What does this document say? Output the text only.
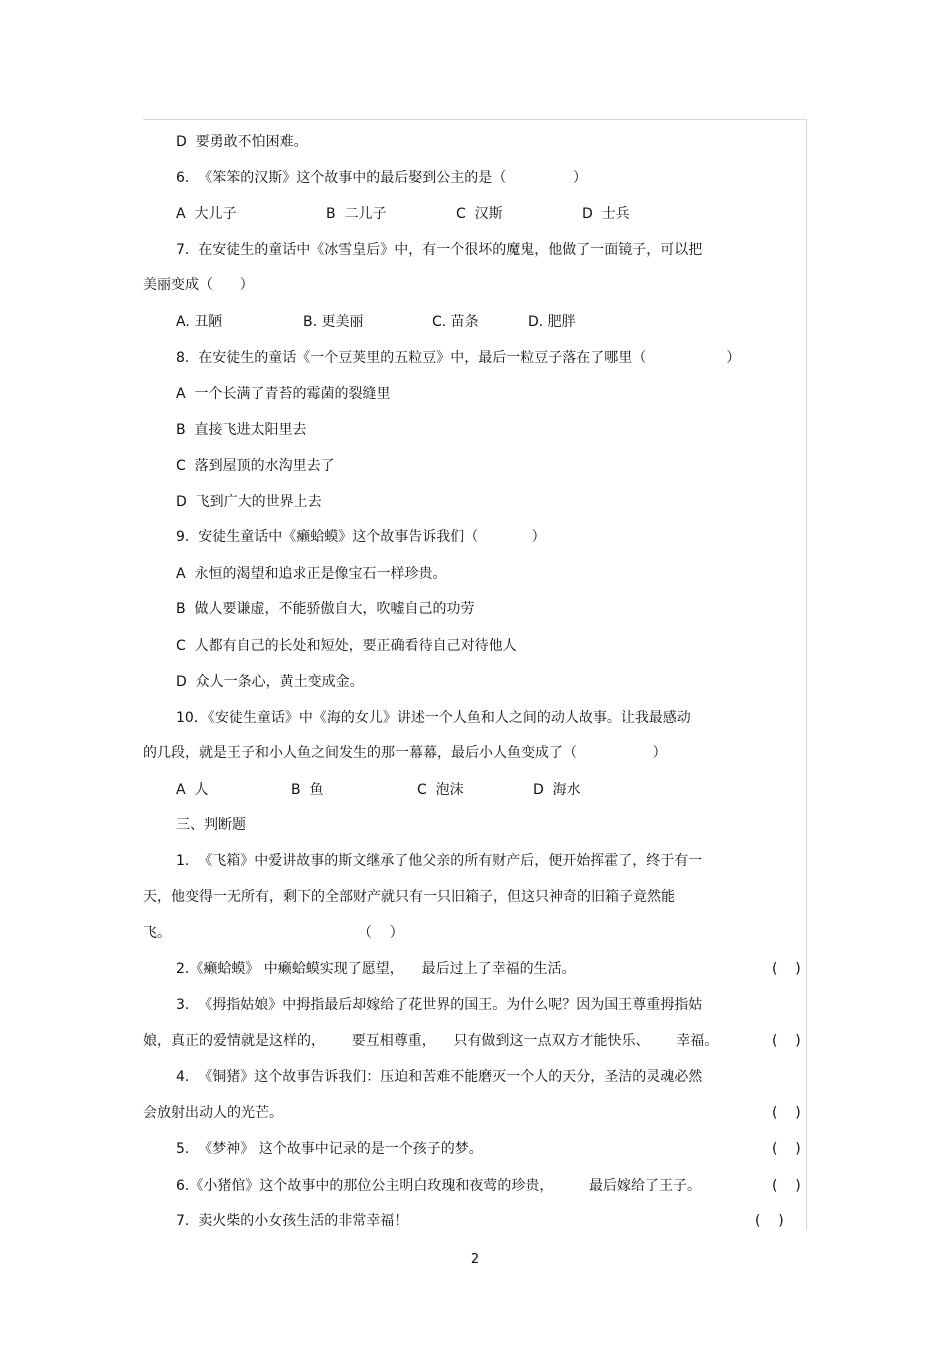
D  要勇敢不怕困难。
6.  《笨笨的汉斯》这个故事中的最后娶到公主的是（               ）
A  大儿子	B  二儿子	C  汉斯	D  士兵
7.  在安徒生的童话中《冰雪皇后》中，有一个很坏的魔鬼，他做了一面镜子，可以把
美丽变成（      ）
A. 丑陋	B. 更美丽	C. 苗条	D. 肥胖
8.  在安徒生的童话《一个豆荚里的五粒豆》中，最后一粒豆子落在了哪里（                  ）
A  一个长满了青苔的霉菌的裂缝里
B  直接飞进太阳里去
C  落到屋顶的水沟里去了
D  飞到广大的世界上去
9.  安徒生童话中《癞蛤蟆》这个故事告诉我们（            ）
A  永恒的渴望和追求正是像宝石一样珍贵。
B  做人要谦虚，不能骄傲自大，吹嘘自己的功劳
C  人都有自己的长处和短处，要正确看待自己对待他人
D  众人一条心，黄土变成金。
10．《安徒生童话》中《海的女儿》讲述一个人鱼和人之间的动人故事。让我最感动
的几段，就是王子和小人鱼之间发生的那一幕幕，最后小人鱼变成了（                 ）
A  人	B  鱼	C  泡沫	D  海水
三、判断题
1.  《飞箱》中爱讲故事的斯文继承了他父亲的所有财产后，便开始挥霍了，终于有一
天，他变得一无所有，剩下的全部财产就只有一只旧箱子，但这只神奇的旧箱子竟然能
飞。                                          （    ）
2.《癞蛤蟆》 中癞蛤蟆实现了愿望，    最后过上了幸福的生活。	(    )
3.  《拇指姑娘》中拇指最后却嫁给了花世界的国王。为什么呢？因为国王尊重拇指姑
娘，真正的爱情就是这样的，      要互相尊重，    只有做到这一点双方才能快乐、      幸福。	(    )
4.  《铜猪》这个故事告诉我们：压迫和苦难不能磨灭一个人的天分，圣洁的灵魂必然
会放射出动人的光芒。	(    )
5.  《梦神》 这个故事中记录的是一个孩子的梦。	(    )
6.《小猪倌》这个故事中的那位公主明白玫瑰和夜莺的珍贵，        最后嫁给了王子。	(    )
7.  卖火柴的小女孩生活的非常幸福！	(    )
2
